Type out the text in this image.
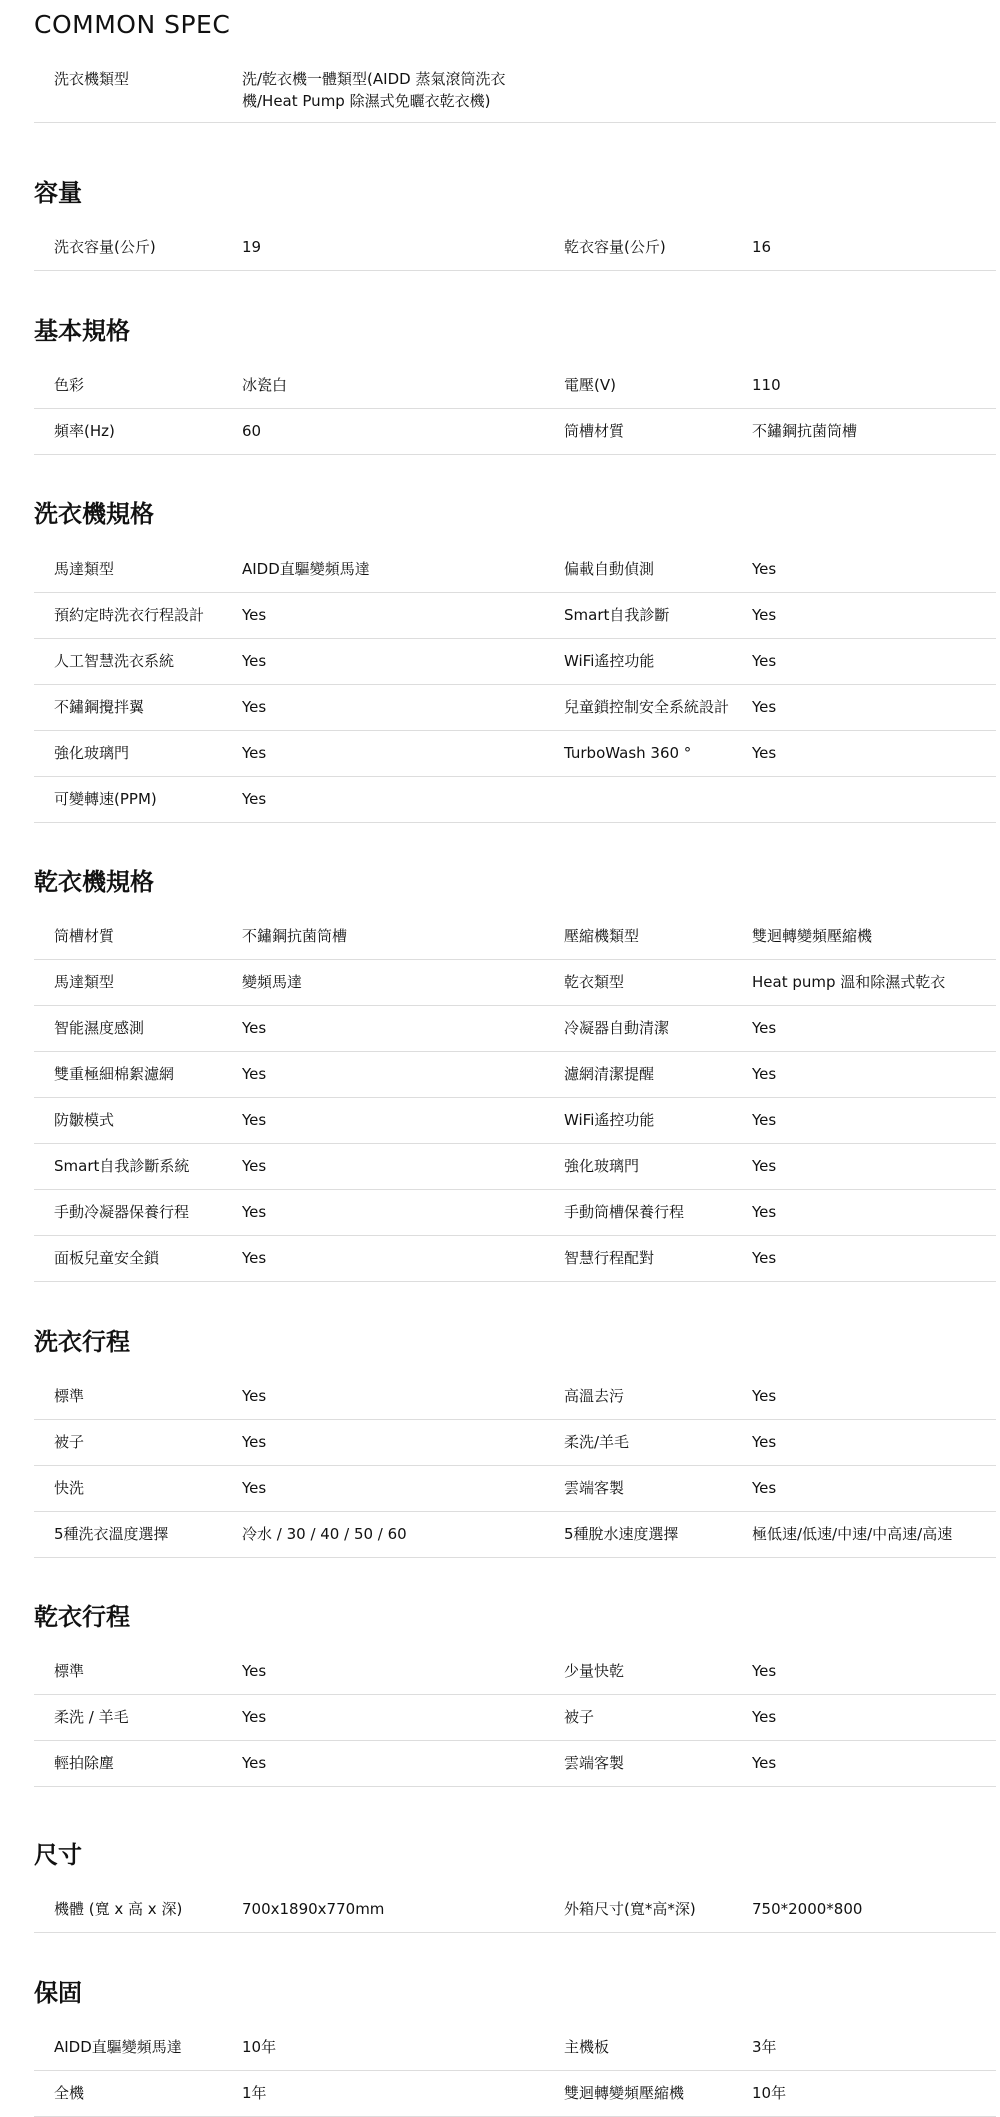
COMMON SPEC
洗衣機類型	洗/乾衣機一體類型(AIDD 蒸氣滾筒洗衣機/Heat Pump 除濕式免曬衣乾衣機)
容量
洗衣容量(公斤)	19	乾衣容量(公斤)	16
基本規格
色彩	冰瓷白	電壓(V)	110
頻率(Hz)	60	筒槽材質	不鏽鋼抗菌筒槽
洗衣機規格
馬達類型	AIDD直驅變頻馬達	偏載自動偵測	Yes
預約定時洗衣行程設計	Yes	Smart自我診斷	Yes
人工智慧洗衣系統	Yes	WiFi遙控功能	Yes
不鏽鋼攪拌翼	Yes	兒童鎖控制安全系統設計 Yes
強化玻璃門	Yes	TurboWash 360 °	Yes
可變轉速(PPM)	Yes
乾衣機規格
筒槽材質	不鏽鋼抗菌筒槽	壓縮機類型	雙迴轉變頻壓縮機
馬達類型	變頻馬達	乾衣類型	Heat pump 溫和除濕式乾衣
智能濕度感測	Yes	冷凝器自動清潔	Yes
雙重極細棉絮濾網	Yes	濾網清潔提醒	Yes
防皺模式	Yes	WiFi遙控功能	Yes
Smart自我診斷系統	Yes	強化玻璃門	Yes
手動冷凝器保養行程	Yes	手動筒槽保養行程	Yes
面板兒童安全鎖	Yes	智慧行程配對	Yes
洗衣行程
標準	Yes	高溫去污	Yes
被子	Yes	柔洗/羊毛	Yes
快洗	Yes	雲端客製	Yes
5種洗衣溫度選擇	冷水 / 30 / 40 / 50 / 60	5種脫水速度選擇	極低速/低速/中速/中高速/高速
乾衣行程
標準	Yes	少量快乾	Yes
柔洗 / 羊毛	Yes	被子	Yes
輕拍除塵	Yes	雲端客製	Yes
尺寸
機體 (寬 x 高 x 深)	700x1890x770mm	外箱尺寸(寬*高*深)	750*2000*800
保固
AIDD直驅變頻馬達	10年	主機板	3年
全機	1年	雙迴轉變頻壓縮機	10年
